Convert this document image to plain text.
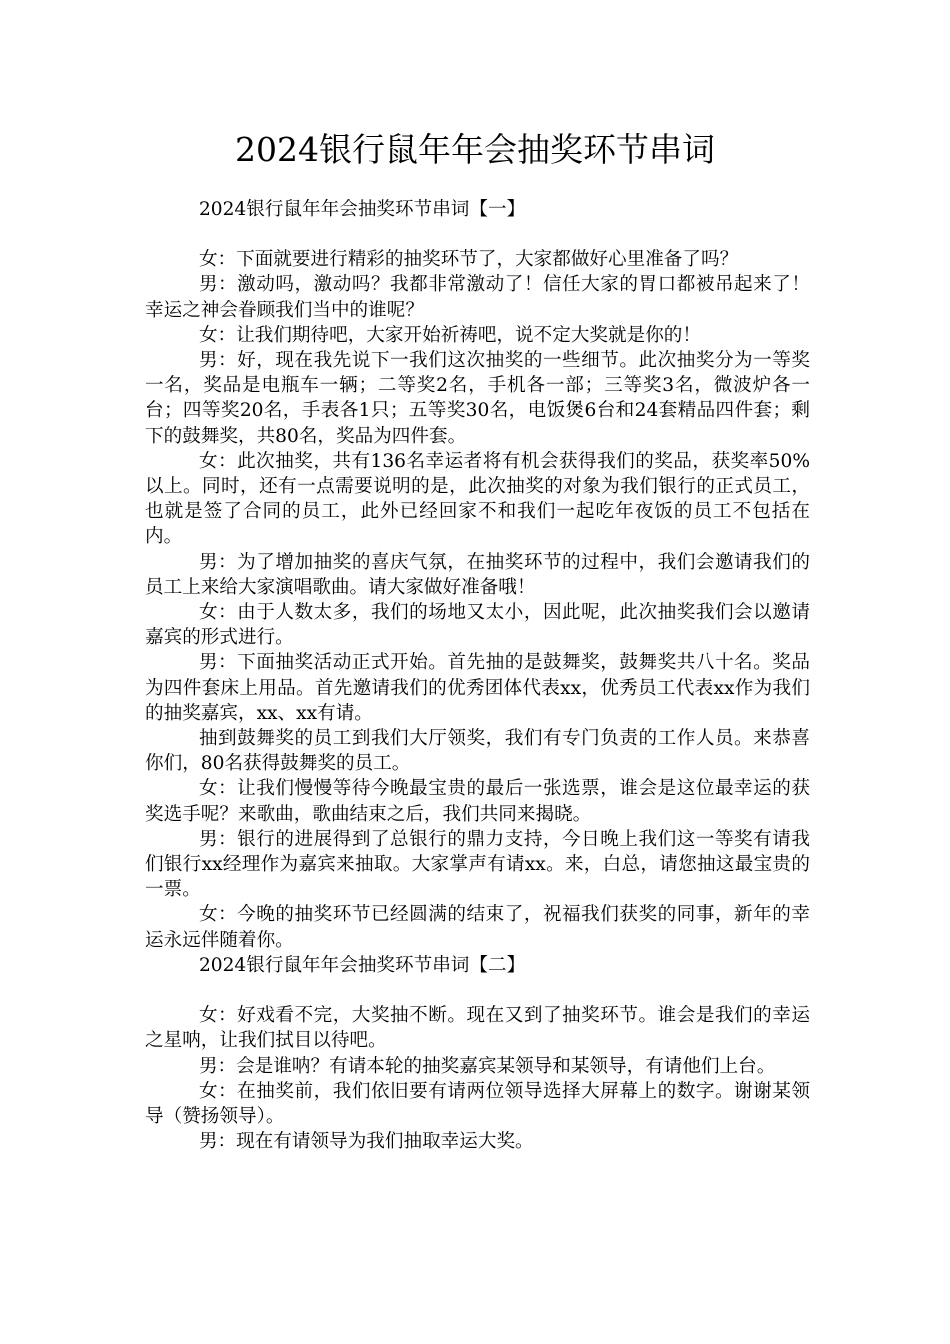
2024银行鼠年年会抽奖环节串词

2024银行鼠年年会抽奖环节串词【一】

女：下面就要进行精彩的抽奖环节了，大家都做好心里准备了吗？

男：激动吗，激动吗？我都非常激动了！信任大家的胃口都被吊起来了！幸运之神会眷顾我们当中的谁呢？

女：让我们期待吧，大家开始祈祷吧，说不定大奖就是你的！

男：好，现在我先说下一我们这次抽奖的一些细节。此次抽奖分为一等奖一名，奖品是电瓶车一辆；二等奖2名，手机各一部；三等奖3名，微波炉各一台；四等奖20名，手表各1只；五等奖30名，电饭煲6台和24套精品四件套；剩下的鼓舞奖，共80名，奖品为四件套。

女：此次抽奖，共有136名幸运者将有机会获得我们的奖品，获奖率50%以上。同时，还有一点需要说明的是，此次抽奖的对象为我们银行的正式员工，也就是签了合同的员工，此外已经回家不和我们一起吃年夜饭的员工不包括在内。

男：为了增加抽奖的喜庆气氛，在抽奖环节的过程中，我们会邀请我们的员工上来给大家演唱歌曲。请大家做好准备哦！

女：由于人数太多，我们的场地又太小，因此呢，此次抽奖我们会以邀请嘉宾的形式进行。

男：下面抽奖活动正式开始。首先抽的是鼓舞奖，鼓舞奖共八十名。奖品为四件套床上用品。首先邀请我们的优秀团体代表xx，优秀员工代表xx作为我们的抽奖嘉宾，xx、xx有请。

抽到鼓舞奖的员工到我们大厅领奖，我们有专门负责的工作人员。来恭喜你们，80名获得鼓舞奖的员工。

女：让我们慢慢等待今晚最宝贵的最后一张选票，谁会是这位最幸运的获奖选手呢？来歌曲，歌曲结束之后，我们共同来揭晓。

男：银行的进展得到了总银行的鼎力支持，今日晚上我们这一等奖有请我们银行xx经理作为嘉宾来抽取。大家掌声有请xx。来，白总，请您抽这最宝贵的一票。

女：今晚的抽奖环节已经圆满的结束了，祝福我们获奖的同事，新年的幸运永远伴随着你。

2024银行鼠年年会抽奖环节串词【二】

女：好戏看不完，大奖抽不断。现在又到了抽奖环节。谁会是我们的幸运之星呐，让我们拭目以待吧。

男：会是谁呐？有请本轮的抽奖嘉宾某领导和某领导，有请他们上台。

女：在抽奖前，我们依旧要有请两位领导选择大屏幕上的数字。谢谢某领导（赞扬领导）。

男：现在有请领导为我们抽取幸运大奖。
